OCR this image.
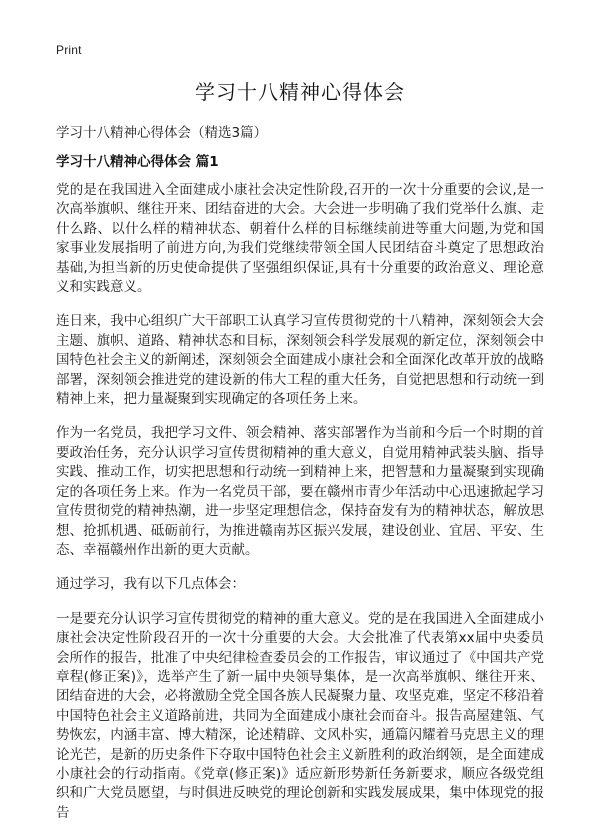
Print
学习十八精神心得体会

学习十八精神心得体会（精选3篇）

学习十八精神心得体会 篇1

党的是在我国进入全面建成小康社会决定性阶段,召开的一次十分重要的会议,是一次高举旗帜、继往开来、团结奋进的大会。大会进一步明确了我们党举什么旗、走什么路、以什么样的精神状态、朝着什么样的目标继续前进等重大问题,为党和国家事业发展指明了前进方向,为我们党继续带领全国人民团结奋斗奠定了思想政治基础,为担当新的历史使命提供了坚强组织保证,具有十分重要的政治意义、理论意义和实践意义。

连日来，我中心组织广大干部职工认真学习宣传贯彻党的十八精神，深刻领会大会主题、旗帜、道路、精神状态和目标，深刻领会科学发展观的新定位，深刻领会中国特色社会主义的新阐述，深刻领会全面建成小康社会和全面深化改革开放的战略部署，深刻领会推进党的建设新的伟大工程的重大任务，自觉把思想和行动统一到精神上来，把力量凝聚到实现确定的各项任务上来。

作为一名党员，我把学习文件、领会精神、落实部署作为当前和今后一个时期的首要政治任务，充分认识学习宣传贯彻精神的重大意义，自觉用精神武装头脑、指导实践、推动工作，切实把思想和行动统一到精神上来，把智慧和力量凝聚到实现确定的各项任务上来。作为一名党员干部，要在赣州市青少年活动中心迅速掀起学习宣传贯彻党的精神热潮，进一步坚定理想信念，保持奋发有为的精神状态，解放思想、抢抓机遇、砥砺前行，为推进赣南苏区振兴发展，建设创业、宜居、平安、生态、幸福赣州作出新的更大贡献。

通过学习，我有以下几点体会：

一是要充分认识学习宣传贯彻党的精神的重大意义。党的是在我国进入全面建成小康社会决定性阶段召开的一次十分重要的大会。大会批准了代表第xx届中央委员会所作的报告，批准了中央纪律检查委员会的工作报告，审议通过了《中国共产党章程(修正案)》，选举产生了新一届中央领导集体，是一次高举旗帜、继往开来、团结奋进的大会，必将激励全党全国各族人民凝聚力量、攻坚克难，坚定不移沿着中国特色社会主义道路前进，共同为全面建成小康社会而奋斗。报告高屋建瓴、气势恢宏，内涵丰富、博大精深，论述精辟、文风朴实，通篇闪耀着马克思主义的理论光芒，是新的历史条件下夺取中国特色社会主义新胜利的政治纲领，是全面建成小康社会的行动指南。《党章(修正案)》适应新形势新任务新要求，顺应各级党组织和广大党员愿望，与时俱进反映党的理论创新和实践发展成果，集中体现党的报告
